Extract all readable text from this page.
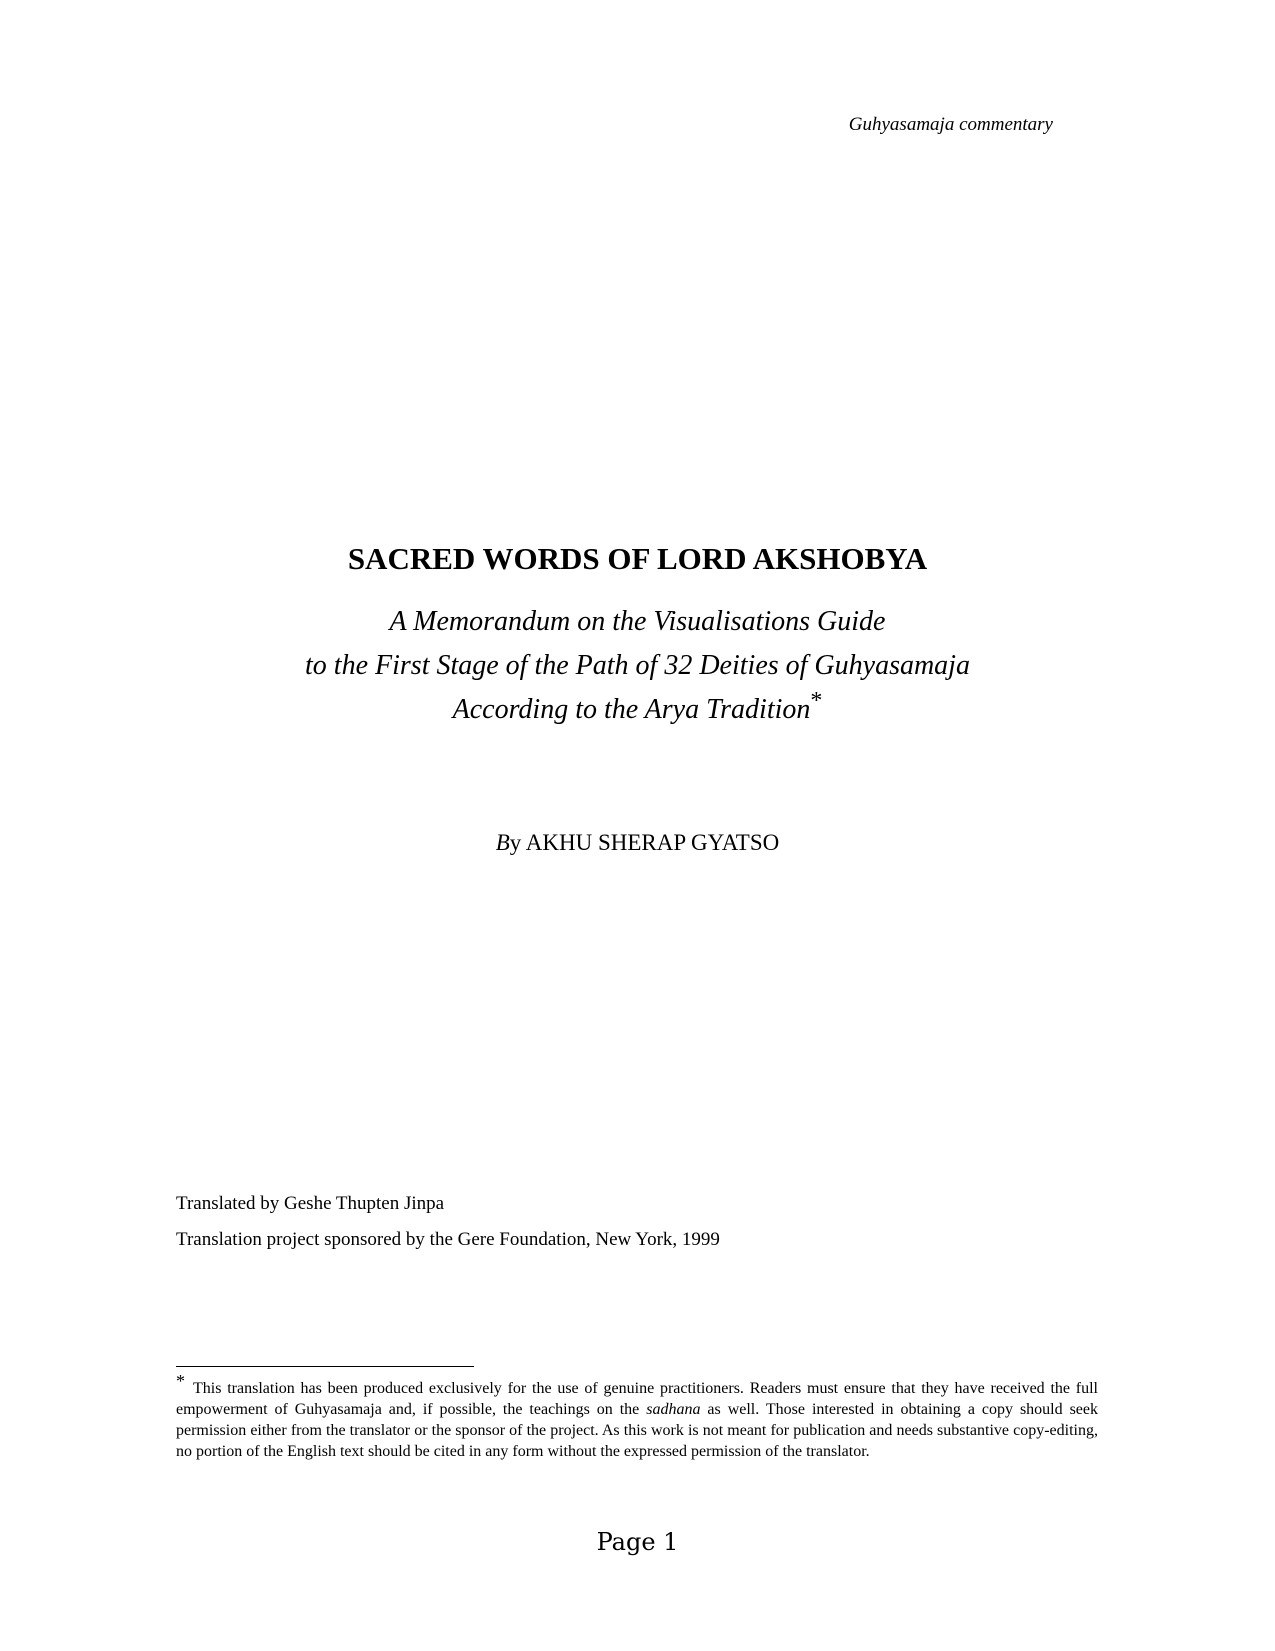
Guhyasamaja commentary
SACRED WORDS OF LORD AKSHOBYA
A Memorandum on the Visualisations Guide
to the First Stage of the Path of 32 Deities of Guhyasamaja
According to the Arya Tradition*
By AKHU SHERAP GYATSO
Translated by Geshe Thupten Jinpa
Translation project sponsored by the Gere Foundation, New York, 1999
* This translation has been produced exclusively for the use of genuine practitioners. Readers must ensure that they have received the full empowerment of Guhyasamaja and, if possible, the teachings on the sadhana as well. Those interested in obtaining a copy should seek permission either from the translator or the sponsor of the project. As this work is not meant for publication and needs substantive copy-editing, no portion of the English text should be cited in any form without the expressed permission of the translator.
Page 1
